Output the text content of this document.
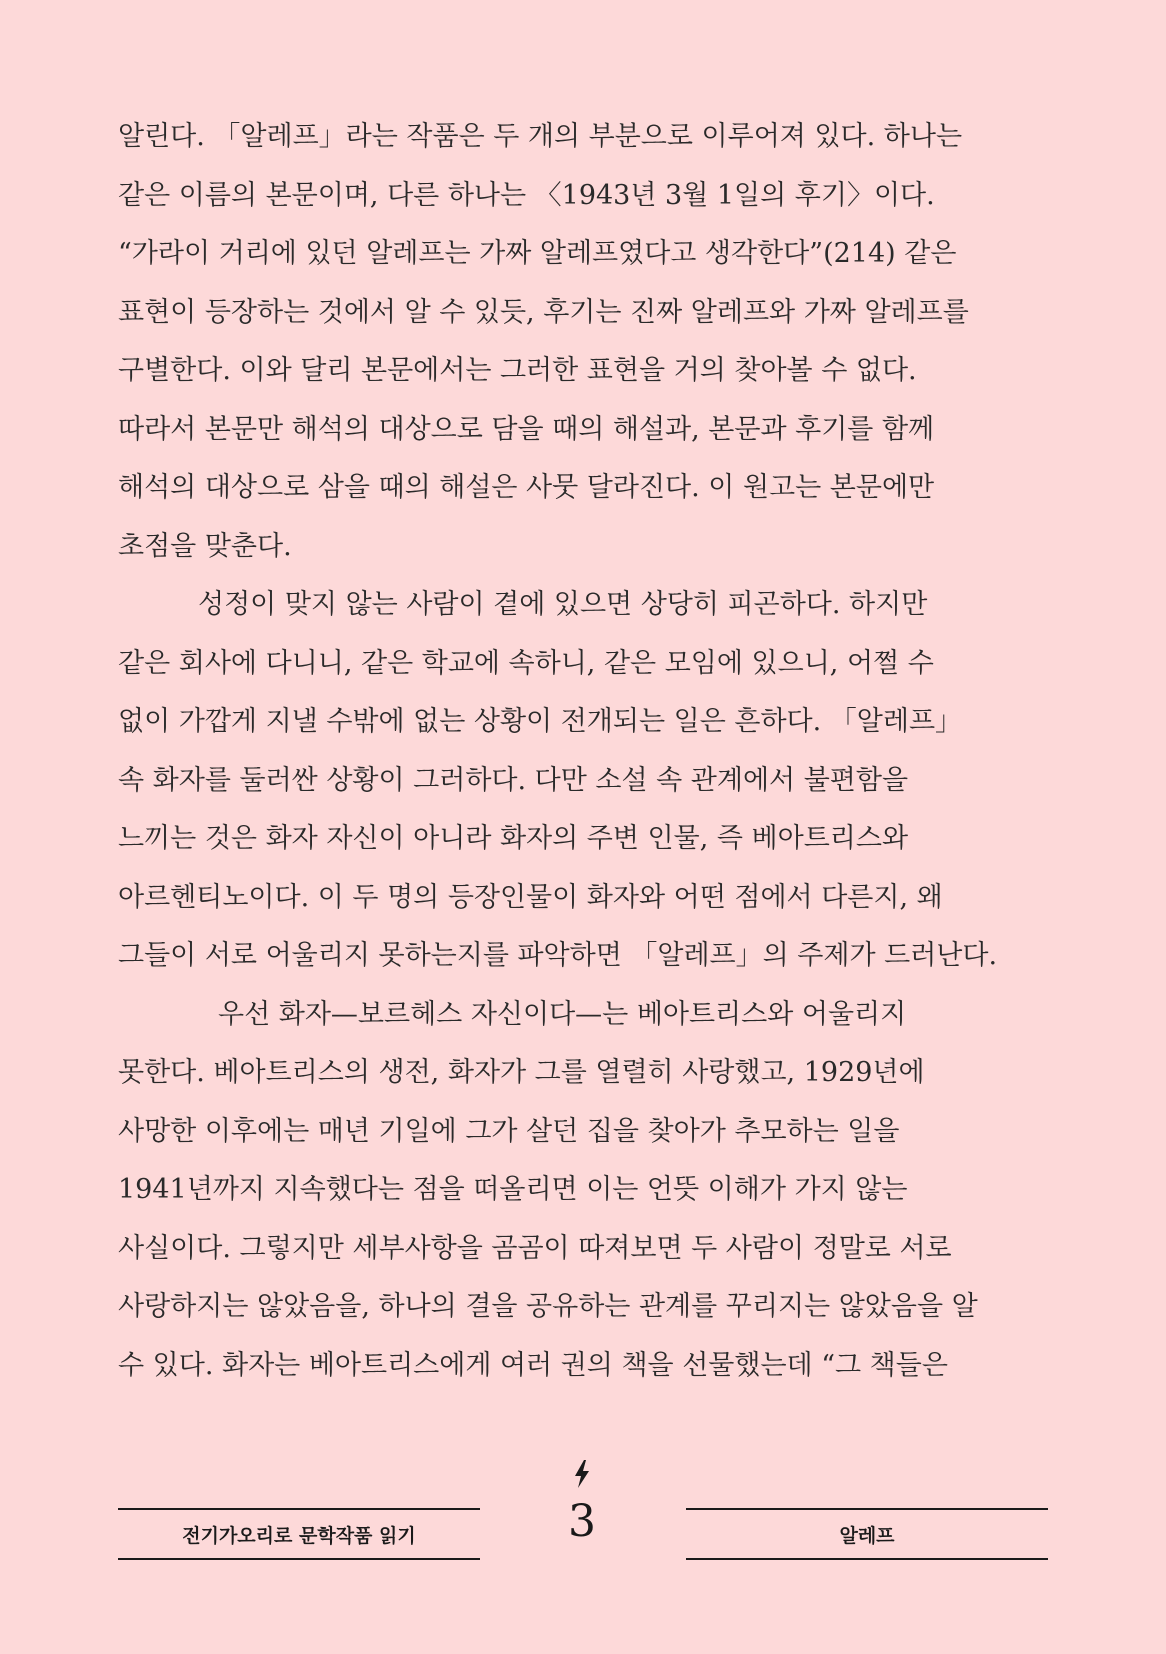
알린다. 「알레프」라는 작품은 두 개의 부분으로 이루어져 있다. 하나는
같은 이름의 본문이며, 다른 하나는 〈1943년 3월 1일의 후기〉이다.
“가라이 거리에 있던 알레프는 가짜 알레프였다고 생각한다”(214) 같은
표현이 등장하는 것에서 알 수 있듯, 후기는 진짜 알레프와 가짜 알레프를
구별한다. 이와 달리 본문에서는 그러한 표현을 거의 찾아볼 수 없다.
따라서 본문만 해석의 대상으로 담을 때의 해설과, 본문과 후기를 함께
해석의 대상으로 삼을 때의 해설은 사뭇 달라진다. 이 원고는 본문에만
초점을 맞춘다.
성정이 맞지 않는 사람이 곁에 있으면 상당히 피곤하다. 하지만
같은 회사에 다니니, 같은 학교에 속하니, 같은 모임에 있으니, 어쩔 수
없이 가깝게 지낼 수밖에 없는 상황이 전개되는 일은 흔하다. 「알레프」
속 화자를 둘러싼 상황이 그러하다. 다만 소설 속 관계에서 불편함을
느끼는 것은 화자 자신이 아니라 화자의 주변 인물, 즉 베아트리스와
아르헨티노이다. 이 두 명의 등장인물이 화자와 어떤 점에서 다른지, 왜
그들이 서로 어울리지 못하는지를 파악하면 「알레프」의 주제가 드러난다.
우선 화자—보르헤스 자신이다—는 베아트리스와 어울리지
못한다. 베아트리스의 생전, 화자가 그를 열렬히 사랑했고, 1929년에
사망한 이후에는 매년 기일에 그가 살던 집을 찾아가 추모하는 일을
1941년까지 지속했다는 점을 떠올리면 이는 언뜻 이해가 가지 않는
사실이다. 그렇지만 세부사항을 곰곰이 따져보면 두 사람이 정말로 서로
사랑하지는 않았음을, 하나의 결을 공유하는 관계를 꾸리지는 않았음을 알
수 있다. 화자는 베아트리스에게 여러 권의 책을 선물했는데 “그 책들은
전기가오리로 문학작품 읽기	3	알레프
